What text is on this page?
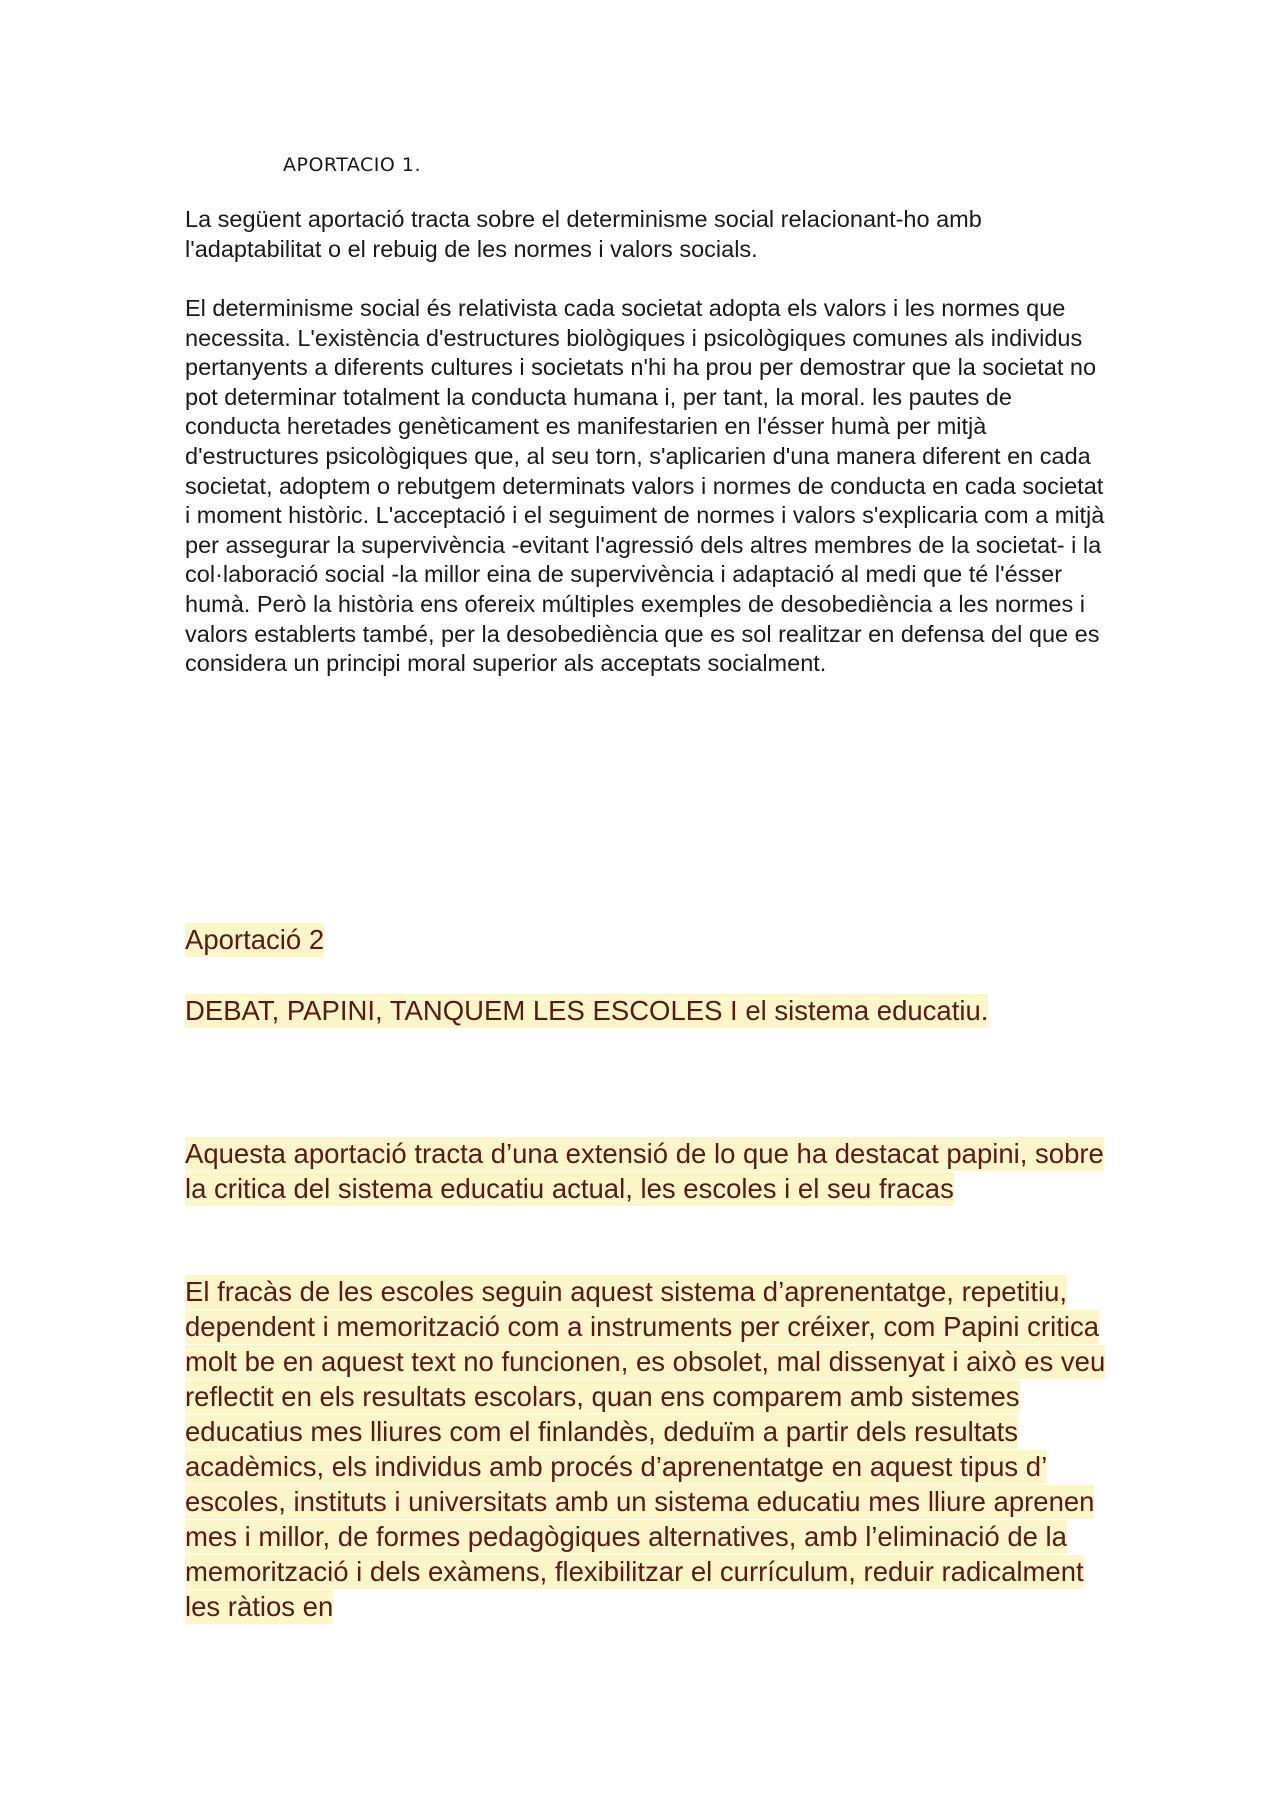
APORTACIO 1.

La següent aportació tracta sobre el determinisme social relacionant-ho amb l'adaptabilitat o el rebuig de les normes i valors socials.

El determinisme social és relativista cada societat adopta els valors i les normes que necessita. L'existència d'estructures biològiques i psicològiques comunes als individus pertanyents a diferents cultures i societats n'hi ha prou per demostrar que la societat no pot determinar totalment la conducta humana i, per tant, la moral. les pautes de conducta heretades genèticament es manifestarien en l'ésser humà per mitjà d'estructures psicològiques que, al seu torn, s'aplicarien d'una manera diferent en cada societat, adoptem o rebutgem determinats valors i normes de conducta en cada societat i moment històric. L'acceptació i el seguiment de normes i valors s'explicaria com a mitjà per assegurar la supervivència -evitant l'agressió dels altres membres de la societat- i la col·laboració social -la millor eina de supervivència i adaptació al medi que té l'ésser humà. Però la història ens ofereix múltiples exemples de desobediència a les normes i valors establerts també, per la desobediència que es sol realitzar en defensa del que es considera un principi moral superior als acceptats socialment.

Aportació 2

DEBAT, PAPINI, TANQUEM LES ESCOLES I el sistema educatiu.

Aquesta aportació tracta d’una extensió de lo que ha destacat papini, sobre la critica del sistema educatiu actual, les escoles i el seu fracas

El fracàs de les escoles seguin aquest sistema d’aprenentatge, repetitiu, dependent i memorització com a instruments per créixer, com Papini critica molt be en aquest text no funcionen, es obsolet, mal dissenyat i això es veu reflectit en els resultats escolars, quan ens comparem amb sistemes educatius mes lliures com el finlandès, deduïm a partir dels resultats acadèmics, els individus amb procés d’aprenentatge en aquest tipus d’ escoles, instituts i universitats amb un sistema educatiu mes lliure aprenen mes i millor, de formes pedagògiques alternatives, amb l’eliminació de la memorització i dels exàmens, flexibilitzar el currículum, reduir radicalment les ràtios en
